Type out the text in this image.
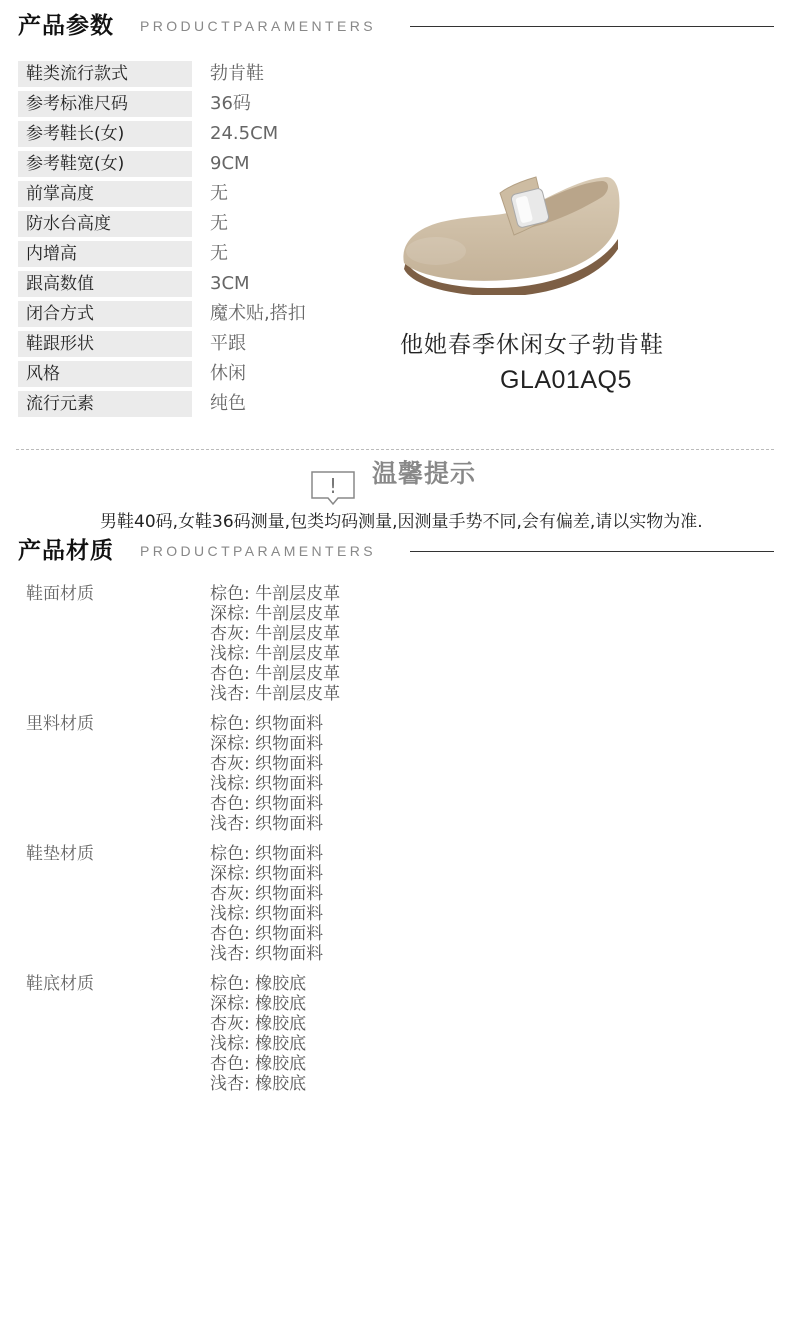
产品参数 PRODUCTPARAMENTERS
鞋类流行款式	勃肯鞋
参考标准尺码	36码
参考鞋长(女)	24.5CM
参考鞋宽(女)	9CM
前掌高度	无
防水台高度	无
内增高	无
跟高数值	3CM
闭合方式	魔术贴,搭扣
鞋跟形状	平跟
风格	休闲
流行元素	纯色
他她春季休闲女子勃肯鞋
GLA01AQ5
! 温馨提示
男鞋40码,女鞋36码测量,包类均码测量,因测量手势不同,会有偏差,请以实物为准.
产品材质 PRODUCTPARAMENTERS
鞋面材质	棕色: 牛剖层皮革
深棕: 牛剖层皮革
杏灰: 牛剖层皮革
浅棕: 牛剖层皮革
杏色: 牛剖层皮革
浅杏: 牛剖层皮革
里料材质	棕色: 织物面料
深棕: 织物面料
杏灰: 织物面料
浅棕: 织物面料
杏色: 织物面料
浅杏: 织物面料
鞋垫材质	棕色: 织物面料
深棕: 织物面料
杏灰: 织物面料
浅棕: 织物面料
杏色: 织物面料
浅杏: 织物面料
鞋底材质	棕色: 橡胶底
深棕: 橡胶底
杏灰: 橡胶底
浅棕: 橡胶底
杏色: 橡胶底
浅杏: 橡胶底
